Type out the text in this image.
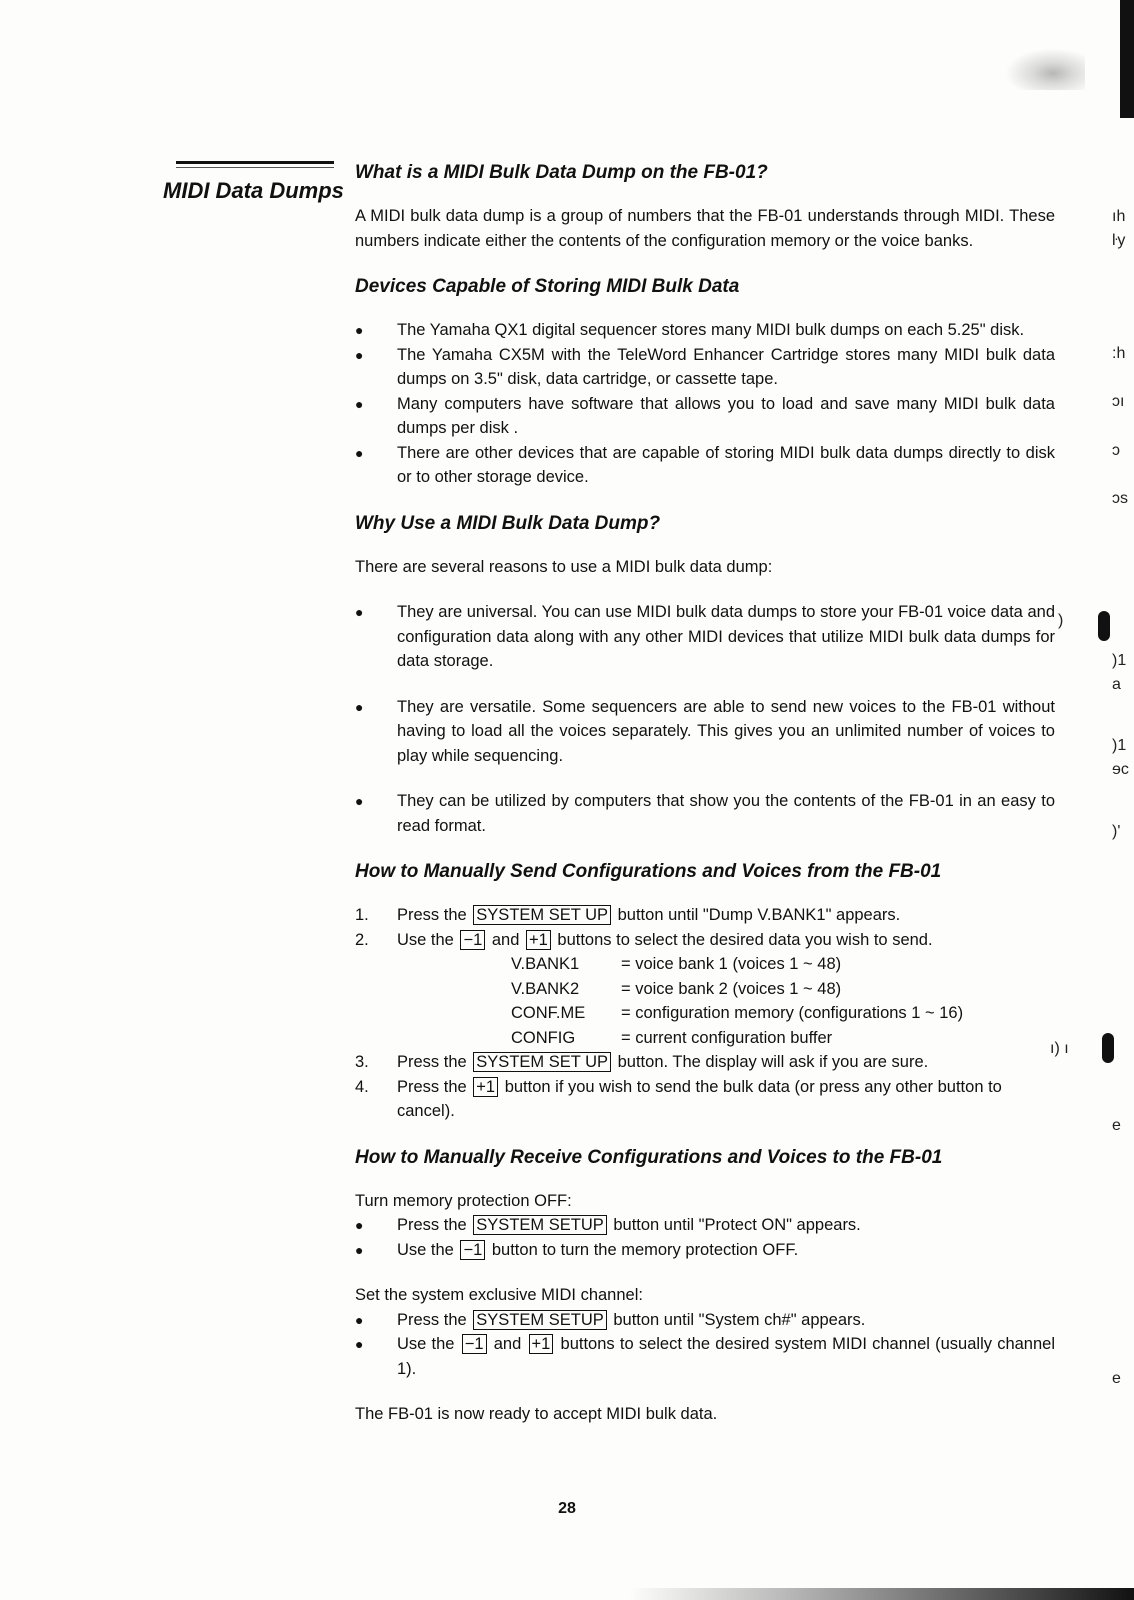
MIDI Data Dumps
What is a MIDI Bulk Data Dump on the FB-01?

A MIDI bulk data dump is a group of numbers that the FB-01 understands through MIDI. These numbers indicate either the contents of the configuration memory or the voice banks.

Devices Capable of Storing MIDI Bulk Data
● The Yamaha QX1 digital sequencer stores many MIDI bulk dumps on each 5.25" disk.
● The Yamaha CX5M with the TeleWord Enhancer Cartridge stores many MIDI bulk data dumps on 3.5" disk, data cartridge, or cassette tape.
● Many computers have software that allows you to load and save many MIDI bulk data dumps per disk .
● There are other devices that are capable of storing MIDI bulk data dumps directly to disk or to other storage device.
Why Use a MIDI Bulk Data Dump?

There are several reasons to use a MIDI bulk data dump:

● They are universal. You can use MIDI bulk data dumps to store your FB-01 voice data and configuration data along with any other MIDI devices that utilize MIDI bulk data dumps for data storage.
● They are versatile. Some sequencers are able to send new voices to the FB-01 without having to load all the voices separately. This gives you an unlimited number of voices to play while sequencing.
● They can be utilized by computers that show you the contents of the FB-01 in an easy to read format.
How to Manually Send Configurations and Voices from the FB-01
1. Press the SYSTEM SET UP button until "Dump V.BANK1" appears.
2. Use the −1 and +1 buttons to select the desired data you wish to send.
V.BANK1	= voice bank 1 (voices 1 ~ 48)
V.BANK2	= voice bank 2 (voices 1 ~ 48)
CONF.ME = configuration memory (configurations 1 ~ 16)
CONFIG	= current configuration buffer
3. Press the SYSTEM SET UP button. The display will ask if you are sure.
4. Press the +1 button if you wish to send the bulk data (or press any other button to cancel).
How to Manually Receive Configurations and Voices to the FB-01

Turn memory protection OFF:

● Press the SYSTEM SETUP button until "Protect ON" appears.
● Use the −1 button to turn the memory protection OFF.

Set the system exclusive MIDI channel:

● Press the SYSTEM SETUP button until "System ch#" appears.
● Use the −1 and +1 buttons to select the desired system MIDI channel (usually channel 1).

The FB-01 is now ready to accept MIDI bulk data.

ıh
ŀy
:h
ↄı
ↄ
ↄs
)
)1
a
)1
ɘc
)'
ı) ı
e
e
28
